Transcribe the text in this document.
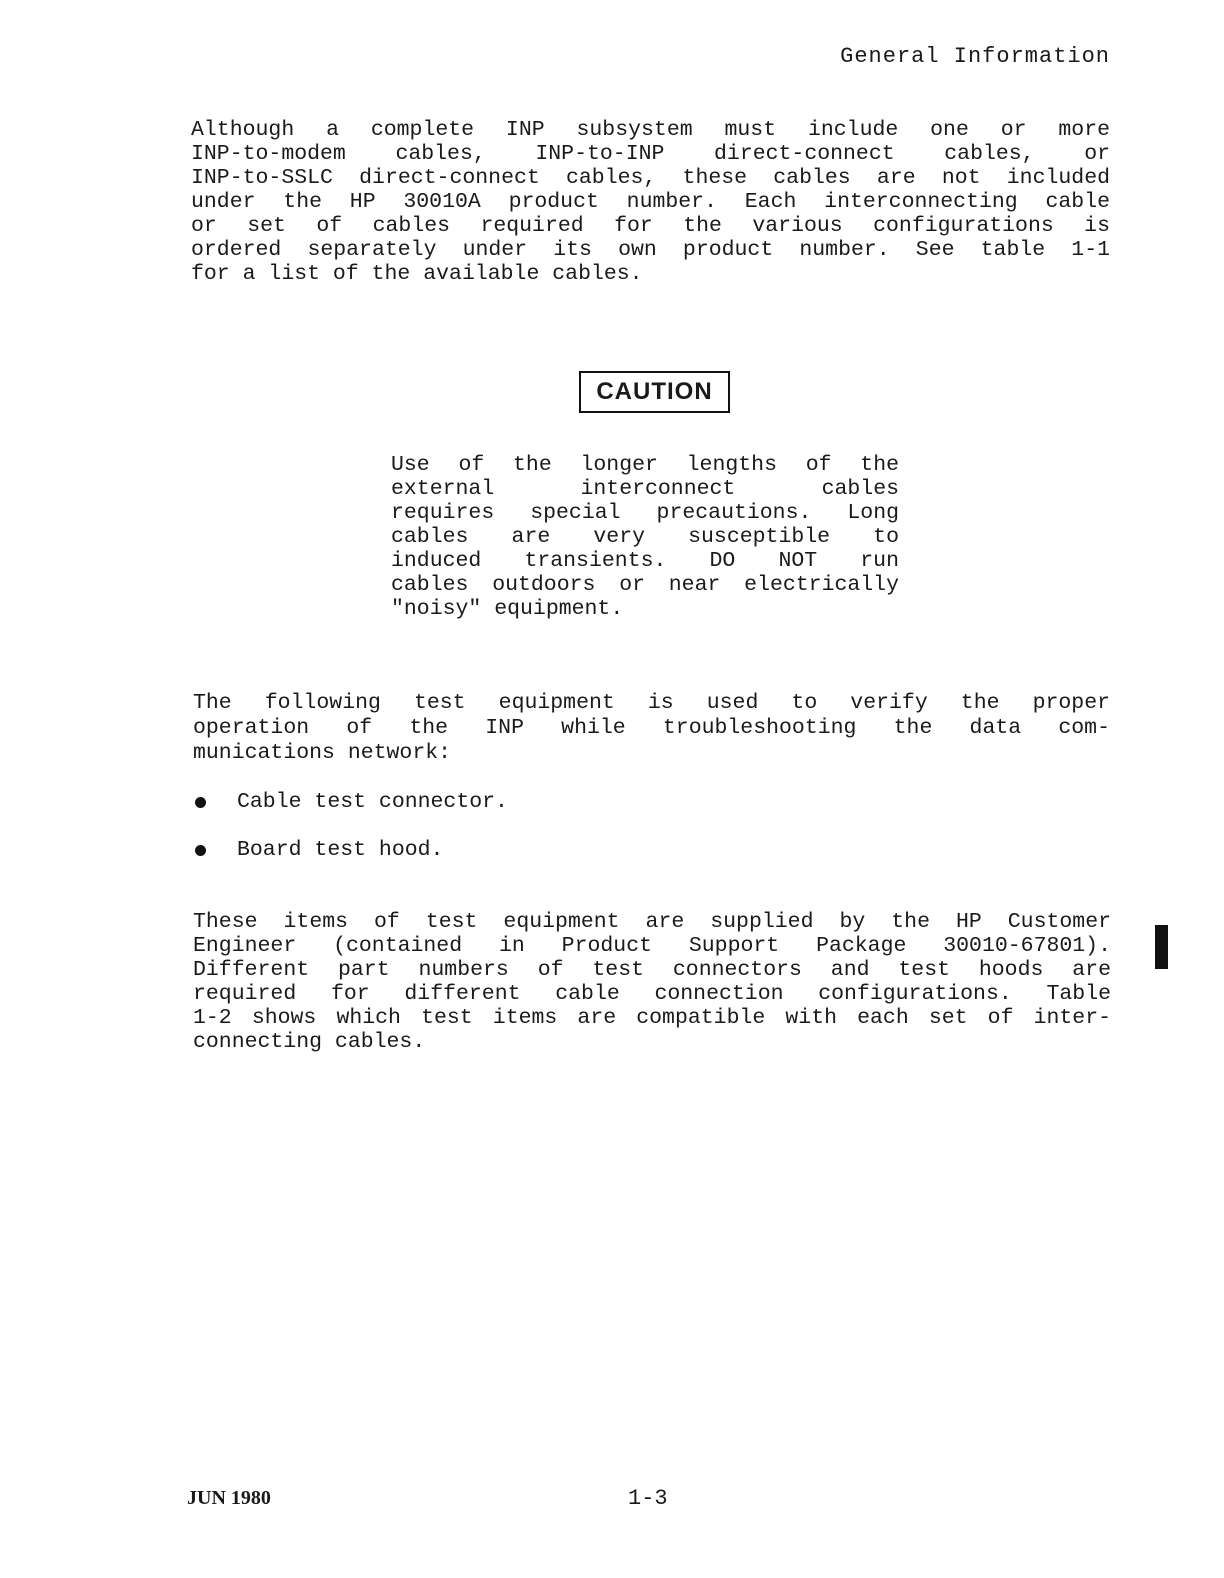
General Information
Although a complete INP subsystem must include one or more
INP-to-modem cables, INP-to-INP direct-connect cables, or
INP-to-SSLC direct-connect cables, these cables are not included
under the HP 30010A product number. Each interconnecting cable
or set of cables required for the various configurations is
ordered separately under its own product number. See table 1-1
for a list of the available cables.
CAUTION
Use of the longer lengths of the
external interconnect cables
requires special precautions. Long
cables are very susceptible to
induced transients. DO NOT run
cables outdoors or near electrically
"noisy" equipment.
The following test equipment is used to verify the proper
operation of the INP while troubleshooting the data com-
munications network:
Cable test connector.
Board test hood.
These items of test equipment are supplied by the HP Customer
Engineer (contained in Product Support Package 30010-67801).
Different part numbers of test connectors and test hoods are
required for different cable connection configurations. Table
1-2 shows which test items are compatible with each set of inter-
connecting cables.
JUN 1980	1-3
